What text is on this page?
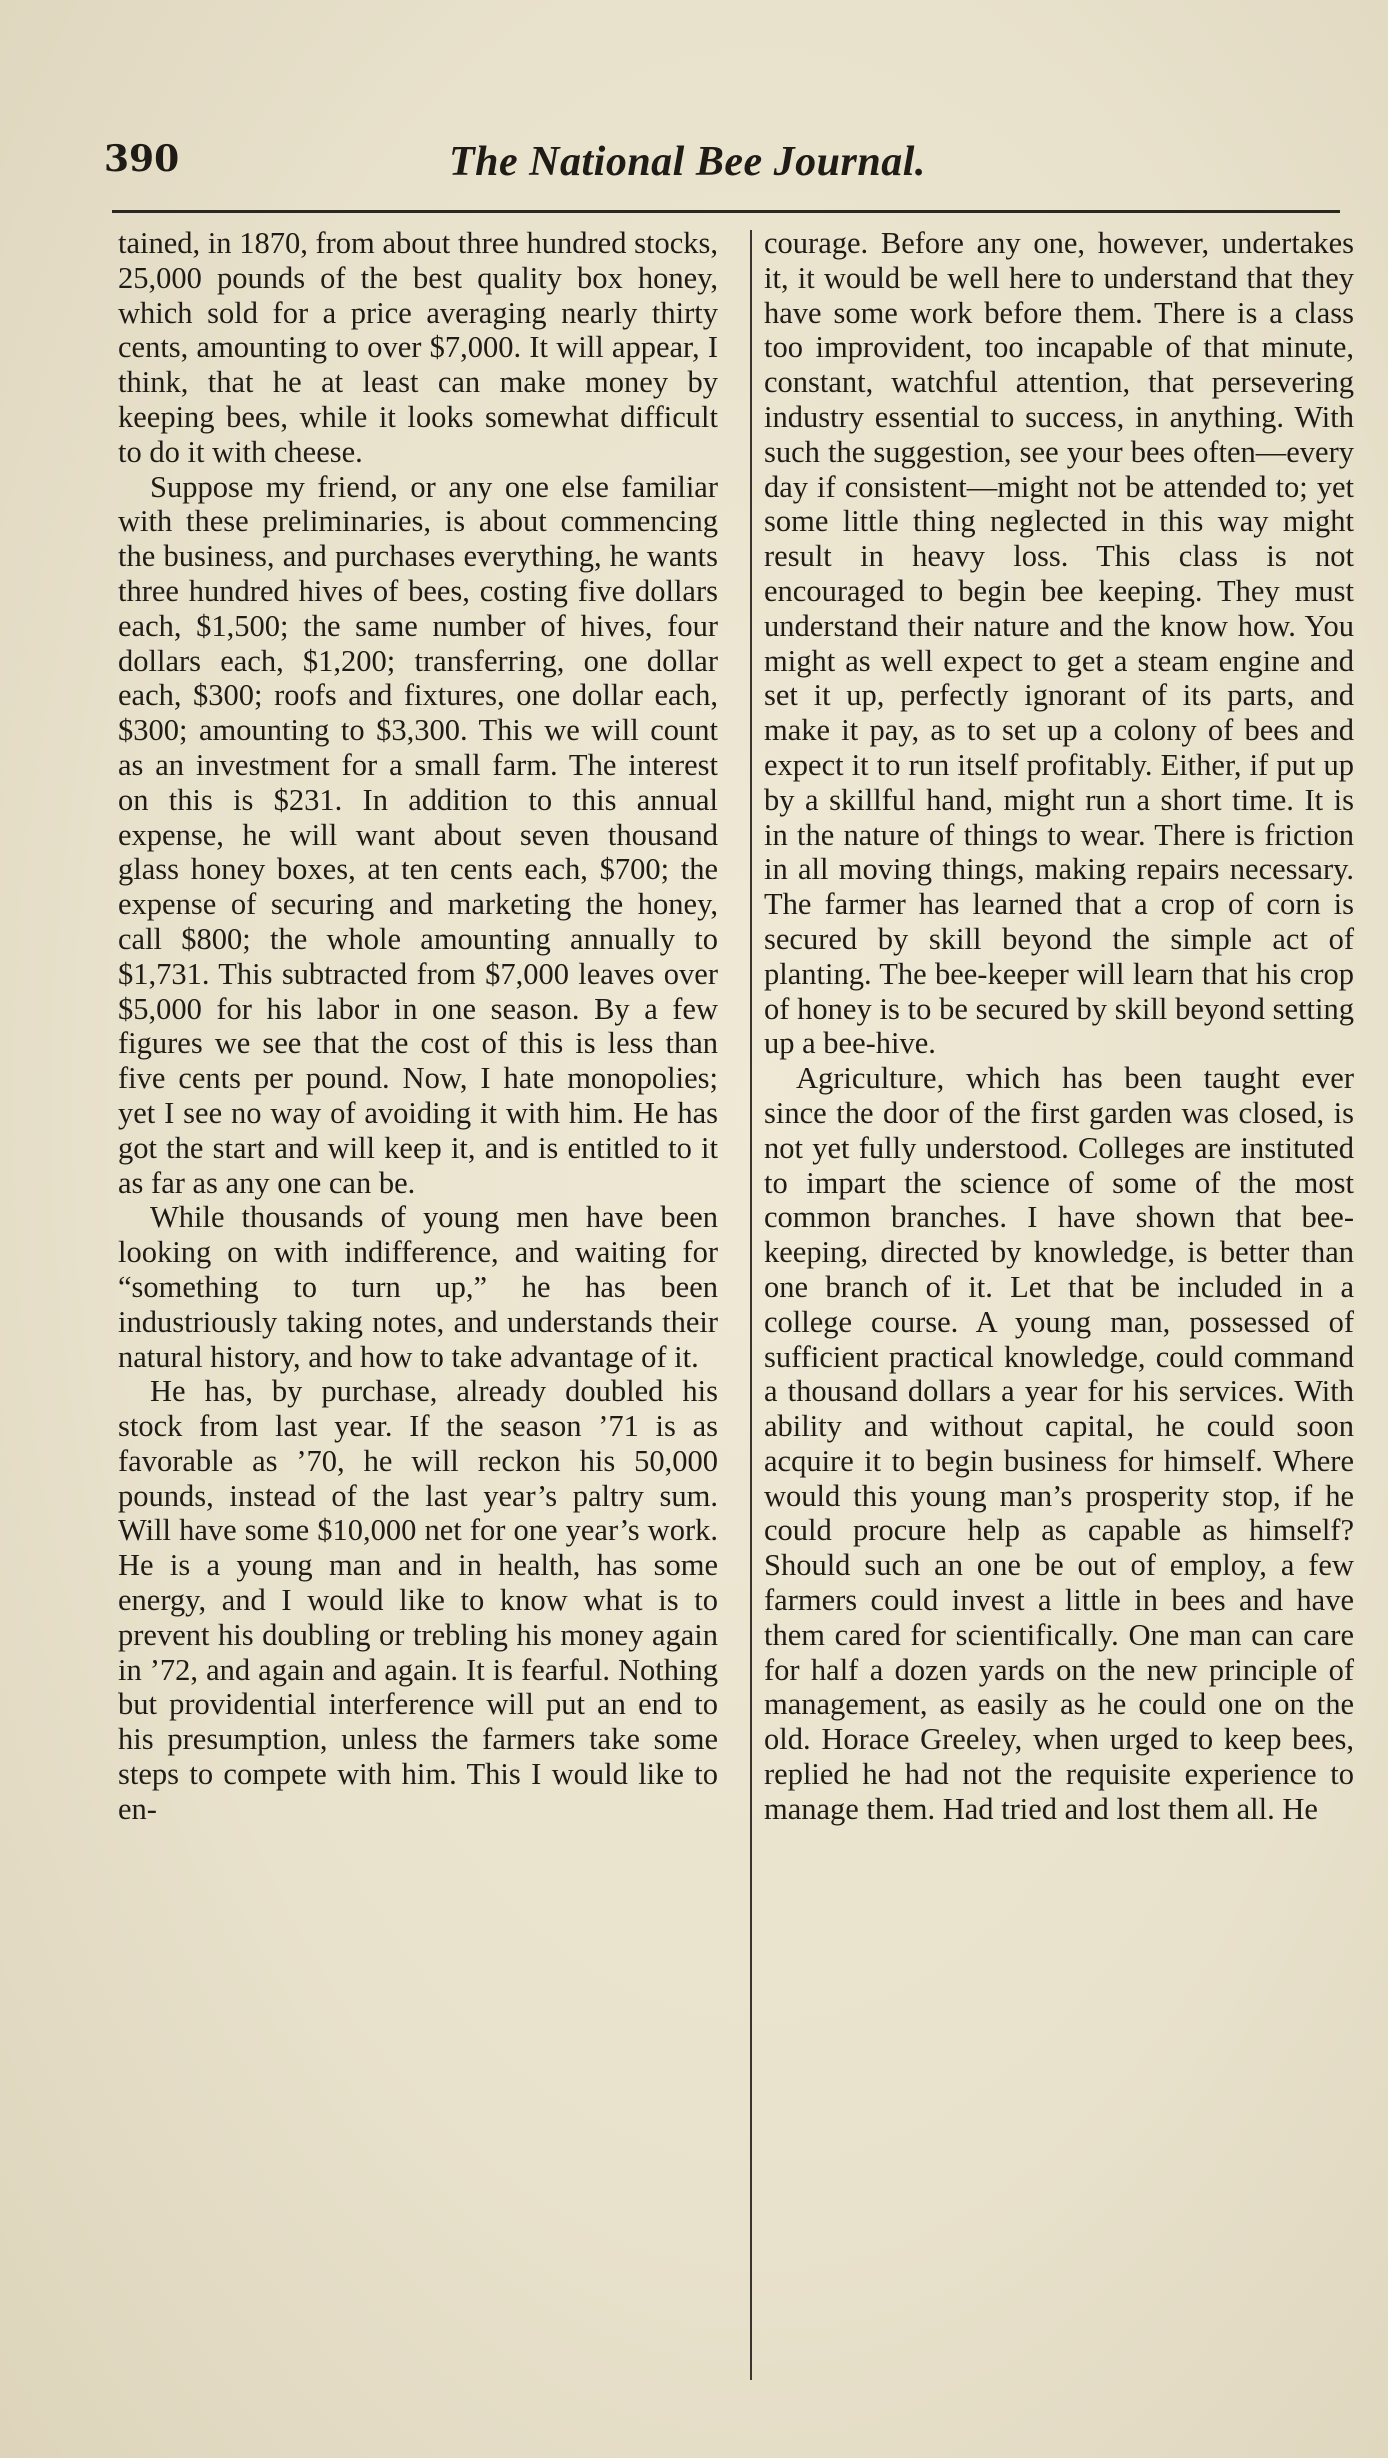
390	The National Bee Journal.

tained, in 1870, from about three hundred stocks, 25,000 pounds of the best quality box honey, which sold for a price averaging nearly thirty cents, amounting to over $7,000. It will appear, I think, that he at least can make money by keeping bees, while it looks somewhat difficult to do it with cheese.

Suppose my friend, or any one else familiar with these preliminaries, is about commencing the business, and purchases everything, he wants three hundred hives of bees, costing five dollars each, $1,500; the same number of hives, four dollars each, $1,200; transferring, one dollar each, $300; roofs and fixtures, one dollar each, $300; amounting to $3,300. This we will count as an investment for a small farm. The interest on this is $231. In addition to this annual expense, he will want about seven thousand glass honey boxes, at ten cents each, $700; the expense of securing and marketing the honey, call $800; the whole amounting annually to $1,731. This subtracted from $7,000 leaves over $5,000 for his labor in one season. By a few figures we see that the cost of this is less than five cents per pound. Now, I hate monopolies; yet I see no way of avoiding it with him. He has got the start and will keep it, and is entitled to it as far as any one can be.

While thousands of young men have been looking on with indifference, and waiting for “something to turn up,” he has been industriously taking notes, and understands their natural history, and how to take advantage of it.

He has, by purchase, already doubled his stock from last year. If the season ’71 is as favorable as ’70, he will reckon his 50,000 pounds, instead of the last year’s paltry sum. Will have some $10,000 net for one year’s work. He is a young man and in health, has some energy, and I would like to know what is to prevent his doubling or trebling his money again in ’72, and again and again. It is fearful. Nothing but providential interference will put an end to his presumption, unless the farmers take some steps to compete with him. This I would like to en-

courage. Before any one, however, undertakes it, it would be well here to understand that they have some work before them. There is a class too improvident, too incapable of that minute, constant, watchful attention, that persevering industry essential to success, in anything. With such the suggestion, see your bees often—every day if consistent—might not be attended to; yet some little thing neglected in this way might result in heavy loss. This class is not encouraged to begin bee keeping. They must understand their nature and the know how. You might as well expect to get a steam engine and set it up, perfectly ignorant of its parts, and make it pay, as to set up a colony of bees and expect it to run itself profitably. Either, if put up by a skillful hand, might run a short time. It is in the nature of things to wear. There is friction in all moving things, making repairs necessary. The farmer has learned that a crop of corn is secured by skill beyond the simple act of planting. The bee-keeper will learn that his crop of honey is to be secured by skill beyond setting up a bee-hive.

Agriculture, which has been taught ever since the door of the first garden was closed, is not yet fully understood. Colleges are instituted to impart the science of some of the most common branches. I have shown that bee-keeping, directed by knowledge, is better than one branch of it. Let that be included in a college course. A young man, possessed of sufficient practical knowledge, could command a thousand dollars a year for his services. With ability and without capital, he could soon acquire it to begin business for himself. Where would this young man’s prosperity stop, if he could procure help as capable as himself? Should such an one be out of employ, a few farmers could invest a little in bees and have them cared for scientifically. One man can care for half a dozen yards on the new principle of management, as easily as he could one on the old. Horace Greeley, when urged to keep bees, replied he had not the requisite experience to manage them. Had tried and lost them all. He
